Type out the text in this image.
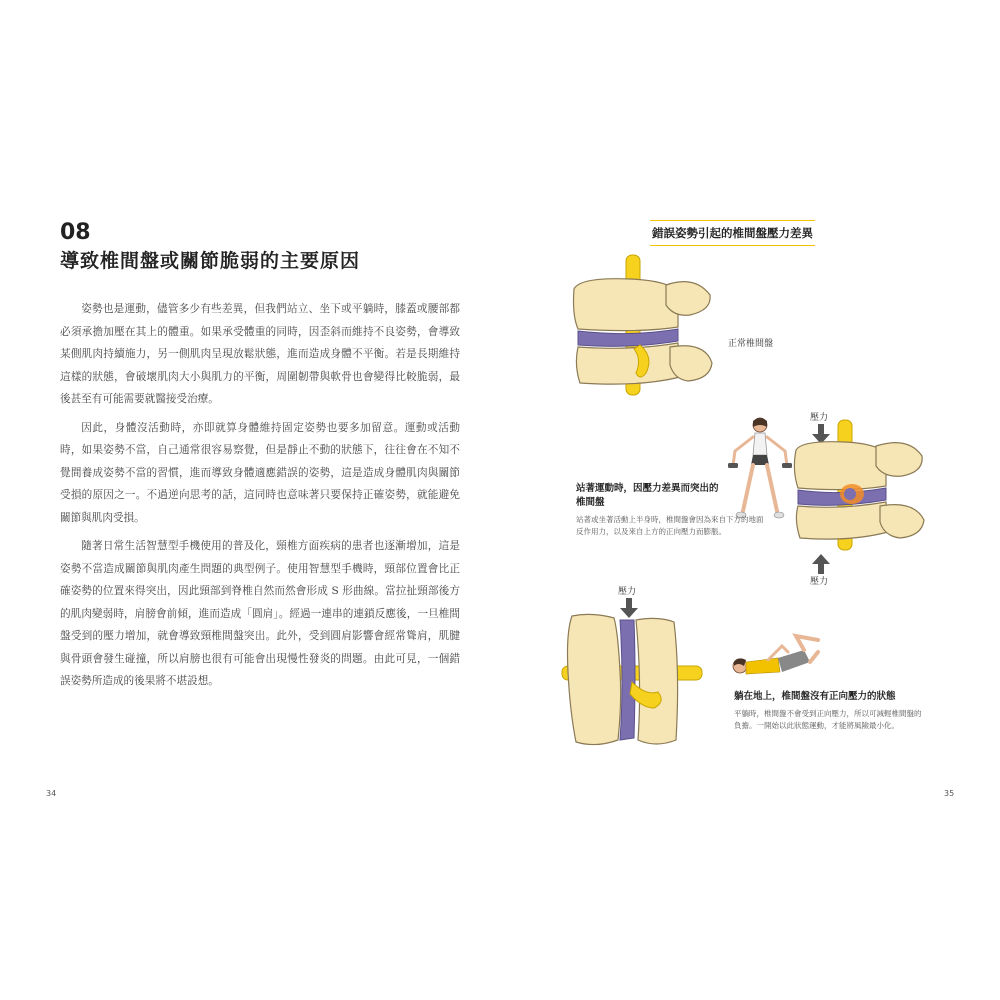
08
導致椎間盤或關節脆弱的主要原因

姿勢也是運動，儘管多少有些差異，但我們站立、坐下或平躺時，膝蓋或腰部都必須承擔加壓在其上的體重。如果承受體重的同時，因歪斜而維持不良姿勢，會導致某側肌肉持續施力，另一側肌肉呈現放鬆狀態，進而造成身體不平衡。若是長期維持這樣的狀態，會破壞肌肉大小與肌力的平衡，周圍韌帶與軟骨也會變得比較脆弱，最後甚至有可能需要就醫接受治療。

因此，身體沒活動時，亦即就算身體維持固定姿勢也要多加留意。運動或活動時，如果姿勢不當，自己通常很容易察覺，但是靜止不動的狀態下，往往會在不知不覺間養成姿勢不當的習慣，進而導致身體適應錯誤的姿勢，這是造成身體肌肉與關節受損的原因之一。不過逆向思考的話，這同時也意味著只要保持正確姿勢，就能避免關節與肌肉受損。

隨著日常生活智慧型手機使用的普及化，頸椎方面疾病的患者也逐漸增加，這是姿勢不當造成關節與肌肉產生問題的典型例子。使用智慧型手機時，頸部位置會比正確姿勢的位置來得突出，因此頸部到脊椎自然而然會形成 S 形曲線。當拉扯頸部後方的肌肉變弱時，肩膀會前傾，進而造成「圓肩」。經過一連串的連鎖反應後，一旦椎間盤受到的壓力增加，就會導致頸椎間盤突出。此外，受到圓肩影響會經常聳肩，肌腱與骨頭會發生碰撞，所以肩膀也很有可能會出現慢性發炎的問題。由此可見，一個錯誤姿勢所造成的後果將不堪設想。

34
錯誤姿勢引起的椎間盤壓力差異
正常椎間盤
壓力
壓力
站著運動時，因壓力差異而突出的椎間盤
站著或坐著活動上半身時，椎間盤會因為來自下方的地面反作用力，以及來自上方的正向壓力而膨脹。
壓力
躺在地上，椎間盤沒有正向壓力的狀態
平躺時，椎間盤不會受到正向壓力，所以可減輕椎間盤的負擔。一開始以此狀態運動，才能將風險最小化。
35
